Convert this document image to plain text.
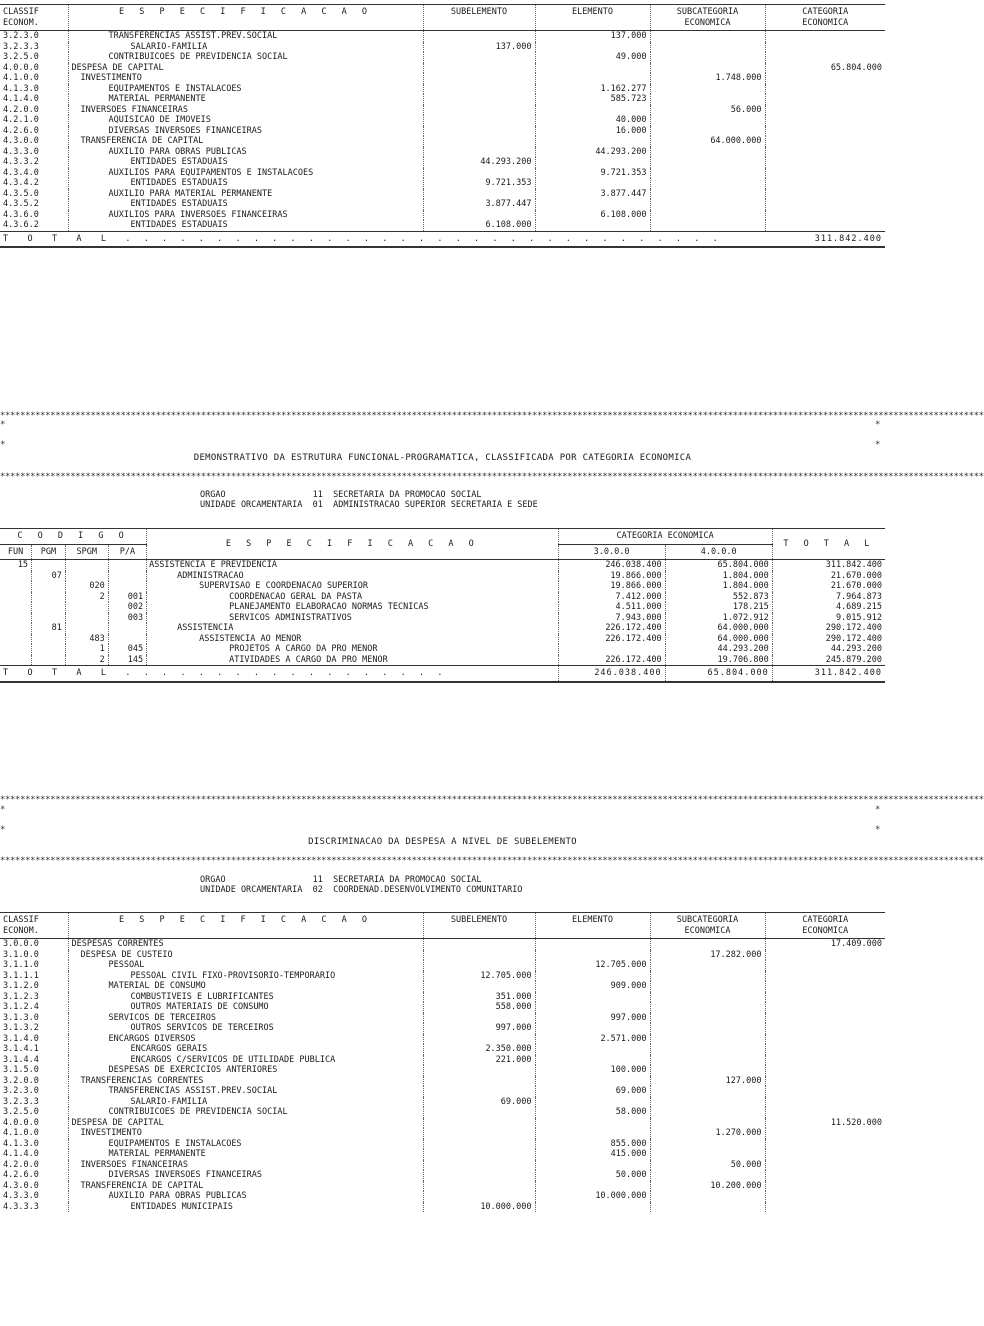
CLASSIF
ECONOM.	E S P E C I F I C A C A O	SUBELEMENTO	ELEMENTO	SUBCATEGORIA
ECONOMICA	CATEGORIA
ECONOMICA
3.2.3.0	TRANSFERENCIAS ASSIST.PREV.SOCIAL		137.000		
3.2.3.3	SALARIO-FAMILIA	137.000			
3.2.5.0	CONTRIBUICOES DE PREVIDENCIA SOCIAL		49.000		

4.0.0.0	DESPESA DE CAPITAL				65.804.000

4.1.0.0	INVESTIMENTO			1.748.000	
4.1.3.0	EQUIPAMENTOS E INSTALACOES		1.162.277		
4.1.4.0	MATERIAL PERMANENTE		585.723		

4.2.0.0	INVERSOES FINANCEIRAS			56.000	
4.2.1.0	AQUISICAO DE IMOVEIS		40.000		
4.2.6.0	DIVERSAS INVERSOES FINANCEIRAS		16.000		

4.3.0.0	TRANSFERENCIA DE CAPITAL			64.000.000	
4.3.3.0	AUXILIO PARA OBRAS PUBLICAS		44.293.200		
4.3.3.2	ENTIDADES ESTADUAIS	44.293.200			
4.3.4.0	AUXILIOS PARA EQUIPAMENTOS E INSTALACOES		9.721.353		
4.3.4.2	ENTIDADES ESTADUAIS	9.721.353			
4.3.5.0	AUXILIO PARA MATERIAL PERMANENTE		3.877.447		
4.3.5.2	ENTIDADES ESTADUAIS	3.877.447			
4.3.6.0	AUXILIOS PARA INVERSOES FINANCEIRAS		6.108.000		

4.3.6.2	ENTIDADES ESTADUAIS	6.108.000			

T   O   T   A   L   .  .  .  .  .  .  .  .  .  .  .  .  .  .  .  .  .  .  .  .  .  .  .  .  .  .  .  .  .  .  .  .  .					311.842.400
****************************************************************************************************************************************************************************************************
*
*
*
*
DEMONSTRATIVO DA ESTRUTURA FUNCIONAL-PROGRAMATICA, CLASSIFICADA POR CATEGORIA ECONOMICA
****************************************************************************************************************************************************************************************************
ORGAO	11  SECRETARIA DA PROMOCAO SOCIAL
UNIDADE ORCAMENTARIA 01  ADMINISTRACAO SUPERIOR SECRETARIA E SEDE
C O D I G O				E S P E C I F I C A C A O	CATEGORIA ECONOMICA		T O T A L
FUN	PGM	SPGM	P/A		3.0.0.0	4.0.0.0	
15				ASSISTENCIA E PREVIDENCIA	246.038.400	65.804.000	311.842.400
	07			ADMINISTRACAO	19.866.000	1.804.000	21.670.000
		020		SUPERVISAO E COORDENACAO SUPERIOR	19.866.000	1.804.000	21.670.000
		2	001	COORDENACAO GERAL DA PASTA	7.412.000	552.873	7.964.873
			002	PLANEJAMENTO ELABORACAO NORMAS TECNICAS	4.511.000	178.215	4.689.215
			003	SERVICOS ADMINISTRATIVOS	7.943.000	1.072.912	9.015.912
	81			ASSISTENCIA	226.172.400	64.000.000	290.172.400
		483		ASSISTENCIA AO MENOR	226.172.400	64.000.000	290.172.400
		1	045	PROJETOS A CARGO DA PRO MENOR		44.293.200	44.293.200
		2	145	ATIVIDADES A CARGO DA PRO MENOR	226.172.400	19.706.800	245.879.200

T   O   T   A   L   .  .  .  .  .  .  .  .  .  .  .  .  .  .  .  .  .  .					246.038.400	65.804.000	311.842.400
****************************************************************************************************************************************************************************************************
*
*
*
*
DISCRIMINACAO DA DESPESA A NIVEL DE SUBELEMENTO
****************************************************************************************************************************************************************************************************
ORGAO	11  SECRETARIA DA PROMOCAO SOCIAL
UNIDADE ORCAMENTARIA 02  COORDENAD.DESENVOLVIMENTO COMUNITARIO
CLASSIF
ECONOM.	E S P E C I F I C A C A O	SUBELEMENTO	ELEMENTO	SUBCATEGORIA
ECONOMICA	CATEGORIA
ECONOMICA

3.0.0.0	DESPESAS CORRENTES				17.409.000

3.1.0.0	DESPESA DE CUSTEIO			17.282.000	
3.1.1.0	PESSOAL		12.705.000		
3.1.1.1	PESSOAL CIVIL FIXO-PROVISORIO-TEMPORARIO	12.705.000			
3.1.2.0	MATERIAL DE CONSUMO		909.000		
3.1.2.3	COMBUSTIVEIS E LUBRIFICANTES	351.000			
3.1.2.4	OUTROS MATERIAIS DE CONSUMO	558.000			
3.1.3.0	SERVICOS DE TERCEIROS		997.000		
3.1.3.2	OUTROS SERVICOS DE TERCEIROS	997.000			
3.1.4.0	ENCARGOS DIVERSOS		2.571.000		
3.1.4.1	ENCARGOS GERAIS	2.350.000			
3.1.4.4	ENCARGOS C/SERVICOS DE UTILIDADE PUBLICA	221.000			
3.1.5.0	DESPESAS DE EXERCICIOS ANTERIORES		100.000		

3.2.0.0	TRANSFERENCIAS CORRENTES			127.000	
3.2.3.0	TRANSFERENCIAS ASSIST.PREV.SOCIAL		69.000		
3.2.3.3	SALARIO-FAMILIA	69.000			
3.2.5.0	CONTRIBUICOES DE PREVIDENCIA SOCIAL		58.000		

4.0.0.0	DESPESA DE CAPITAL				11.520.000

4.1.0.0	INVESTIMENTO			1.270.000	
4.1.3.0	EQUIPAMENTOS E INSTALACOES		855.000		
4.1.4.0	MATERIAL PERMANENTE		415.000		

4.2.0.0	INVERSOES FINANCEIRAS			50.000	
4.2.6.0	DIVERSAS INVERSOES FINANCEIRAS		50.000		

4.3.0.0	TRANSFERENCIA DE CAPITAL			10.200.000	
4.3.3.0	AUXILIO PARA OBRAS PUBLICAS		10.000.000		
4.3.3.3	ENTIDADES MUNICIPAIS	10.000.000			
